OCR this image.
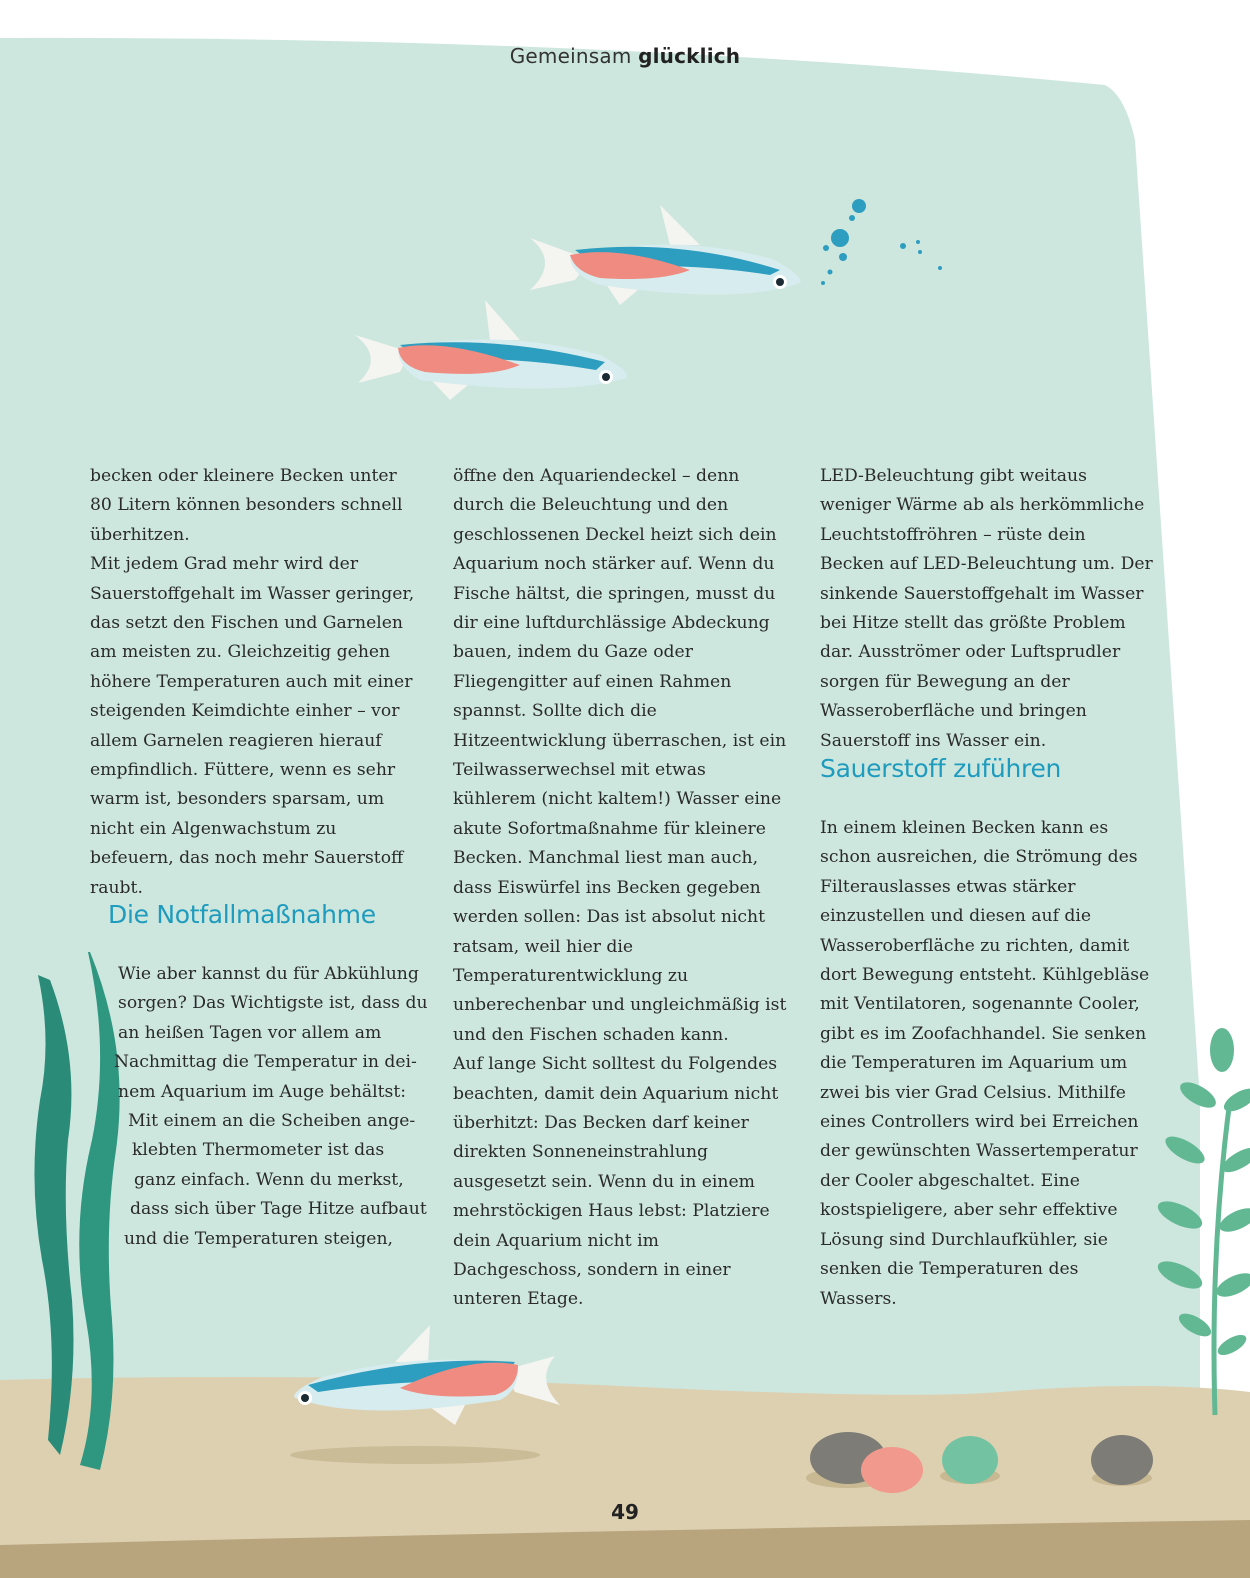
Gemeinsam glücklich

becken oder kleinere Becken unter 80 Litern können besonders schnell überhitzen.

Mit jedem Grad mehr wird der Sauerstoffgehalt im Wasser geringer, das setzt den Fischen und Garnelen am meisten zu. Gleichzeitig gehen höhere Temperaturen auch mit einer steigenden Keimdichte einher – vor allem Garnelen reagieren hierauf empfindlich. Füttere, wenn es sehr warm ist, besonders sparsam, um nicht ein Algenwachstum zu befeuern, das noch mehr Sauerstoff raubt.

Die Notfallmaßnahme
Wie aber kannst du für Abkühlung
sorgen? Das Wichtigste ist, dass du
an heißen Tagen vor allem am
Nachmittag die Temperatur in dei-
nem Aquarium im Auge behältst:
Mit einem an die Scheiben ange-
klebten Thermometer ist das
ganz einfach. Wenn du merkst,
dass sich über Tage Hitze aufbaut
und die Temperaturen steigen,

öffne den Aquariendeckel – denn durch die Beleuchtung und den geschlossenen Deckel heizt sich dein Aquarium noch stärker auf. Wenn du Fische hältst, die springen, musst du dir eine luftdurchlässige Abdeckung bauen, indem du Gaze oder Fliegengitter auf einen Rahmen spannst. Sollte dich die Hitzeentwicklung überraschen, ist ein Teilwasserwechsel mit etwas kühlerem (nicht kaltem!) Wasser eine akute Sofortmaßnahme für kleinere Becken. Manchmal liest man auch, dass Eiswürfel ins Becken gegeben werden sollen: Das ist absolut nicht ratsam, weil hier die Temperaturentwicklung zu unberechenbar und ungleichmäßig ist und den Fischen schaden kann.

Auf lange Sicht solltest du Folgendes beachten, damit dein Aquarium nicht überhitzt: Das Becken darf keiner direkten Sonneneinstrahlung ausgesetzt sein. Wenn du in einem mehrstöckigen Haus lebst: Platziere dein Aquarium nicht im Dachgeschoss, sondern in einer unteren Etage.

LED-Beleuchtung gibt weitaus weniger Wärme ab als herkömmliche Leuchtstoffröhren – rüste dein Becken auf LED-Beleuchtung um. Der sinkende Sauerstoffgehalt im Wasser bei Hitze stellt das größte Problem dar. Ausströmer oder Luftsprudler sorgen für Bewegung an der Wasseroberfläche und bringen Sauerstoff ins Wasser ein.

Sauerstoff zuführen

In einem kleinen Becken kann es schon ausreichen, die Strömung des Filterauslasses etwas stärker einzustellen und diesen auf die Wasseroberfläche zu richten, damit dort Bewegung entsteht. Kühlgebläse mit Ventilatoren, sogenannte Cooler, gibt es im Zoofachhandel. Sie senken die Temperaturen im Aquarium um zwei bis vier Grad Celsius. Mithilfe eines Controllers wird bei Erreichen der gewünschten Wassertemperatur der Cooler abgeschaltet. Eine kostspieligere, aber sehr effektive Lösung sind Durchlaufkühler, sie senken die Temperaturen des Wassers.

49
